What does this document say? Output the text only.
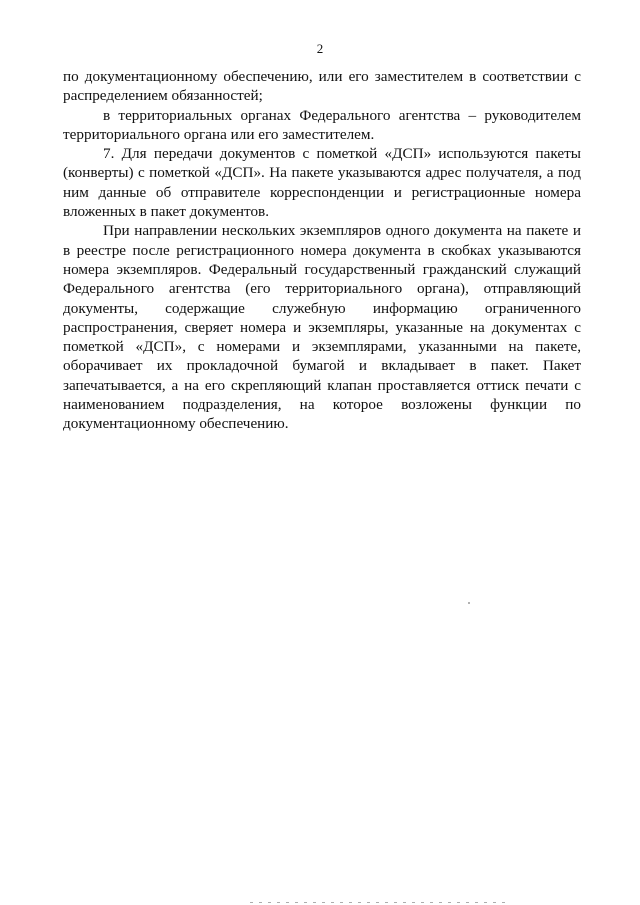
2

по документационному обеспечению, или его заместителем в соответствии с распределением обязанностей;

в территориальных органах Федерального агентства – руководителем территориального органа или его заместителем.

7. Для передачи документов с пометкой «ДСП» используются пакеты (конверты) с пометкой «ДСП». На пакете указываются адрес получателя, а под ним данные об отправителе корреспонденции и регистрационные номера вложенных в пакет документов.

При направлении нескольких экземпляров одного документа на пакете и в реестре после регистрационного номера документа в скобках указываются номера экземпляров. Федеральный государственный гражданский служащий Федерального агентства (его территориального органа), отправляющий документы, содержащие служебную информацию ограниченного распространения, сверяет номера и экземпляры, указанные на документах с пометкой «ДСП», с номерами и экземплярами, указанными на пакете, оборачивает их прокладочной бумагой и вкладывает в пакет. Пакет запечатывается, а на его скрепляющий клапан проставляется оттиск печати с наименованием подразделения, на которое возложены функции по документационному обеспечению.
